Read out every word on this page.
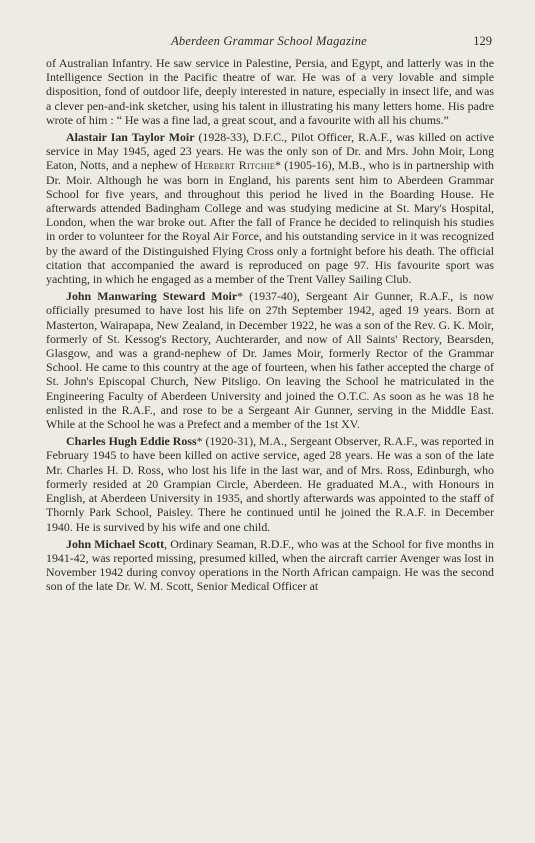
Aberdeen Grammar School Magazine	129

of Australian Infantry. He saw service in Palestine, Persia, and Egypt, and latterly was in the Intelligence Section in the Pacific theatre of war. He was of a very lovable and simple disposition, fond of outdoor life, deeply interested in nature, especially in insect life, and was a clever pen-and-ink sketcher, using his talent in illustrating his many letters home. His padre wrote of him : “ He was a fine lad, a great scout, and a favourite with all his chums.”

Alastair Ian Taylor Moir (1928-33), D.F.C., Pilot Officer, R.A.F., was killed on active service in May 1945, aged 23 years. He was the only son of Dr. and Mrs. John Moir, Long Eaton, Notts, and a nephew of Herbert Ritchie* (1905-16), M.B., who is in partnership with Dr. Moir. Although he was born in England, his parents sent him to Aberdeen Grammar School for five years, and throughout this period he lived in the Boarding House. He afterwards attended Badingham College and was studying medicine at St. Mary's Hospital, London, when the war broke out. After the fall of France he decided to relinquish his studies in order to volunteer for the Royal Air Force, and his outstanding service in it was recognized by the award of the Distinguished Flying Cross only a fortnight before his death. The official citation that accompanied the award is reproduced on page 97. His favourite sport was yachting, in which he engaged as a member of the Trent Valley Sailing Club.

John Manwaring Steward Moir* (1937-40), Sergeant Air Gunner, R.A.F., is now officially presumed to have lost his life on 27th September 1942, aged 19 years. Born at Masterton, Wairapapa, New Zealand, in December 1922, he was a son of the Rev. G. K. Moir, formerly of St. Kessog's Rectory, Auchterarder, and now of All Saints' Rectory, Bearsden, Glasgow, and was a grand-nephew of Dr. James Moir, formerly Rector of the Grammar School. He came to this country at the age of fourteen, when his father accepted the charge of St. John's Episcopal Church, New Pitsligo. On leaving the School he matriculated in the Engineering Faculty of Aberdeen University and joined the O.T.C. As soon as he was 18 he enlisted in the R.A.F., and rose to be a Sergeant Air Gunner, serving in the Middle East. While at the School he was a Prefect and a member of the 1st XV.

Charles Hugh Eddie Ross* (1920-31), M.A., Sergeant Observer, R.A.F., was reported in February 1945 to have been killed on active service, aged 28 years. He was a son of the late Mr. Charles H. D. Ross, who lost his life in the last war, and of Mrs. Ross, Edinburgh, who formerly resided at 20 Grampian Circle, Aberdeen. He graduated M.A., with Honours in English, at Aberdeen University in 1935, and shortly afterwards was appointed to the staff of Thornly Park School, Paisley. There he continued until he joined the R.A.F. in December 1940. He is survived by his wife and one child.

John Michael Scott, Ordinary Seaman, R.D.F., who was at the School for five months in 1941-42, was reported missing, presumed killed, when the aircraft carrier Avenger was lost in November 1942 during convoy operations in the North African campaign. He was the second son of the late Dr. W. M. Scott, Senior Medical Officer at
